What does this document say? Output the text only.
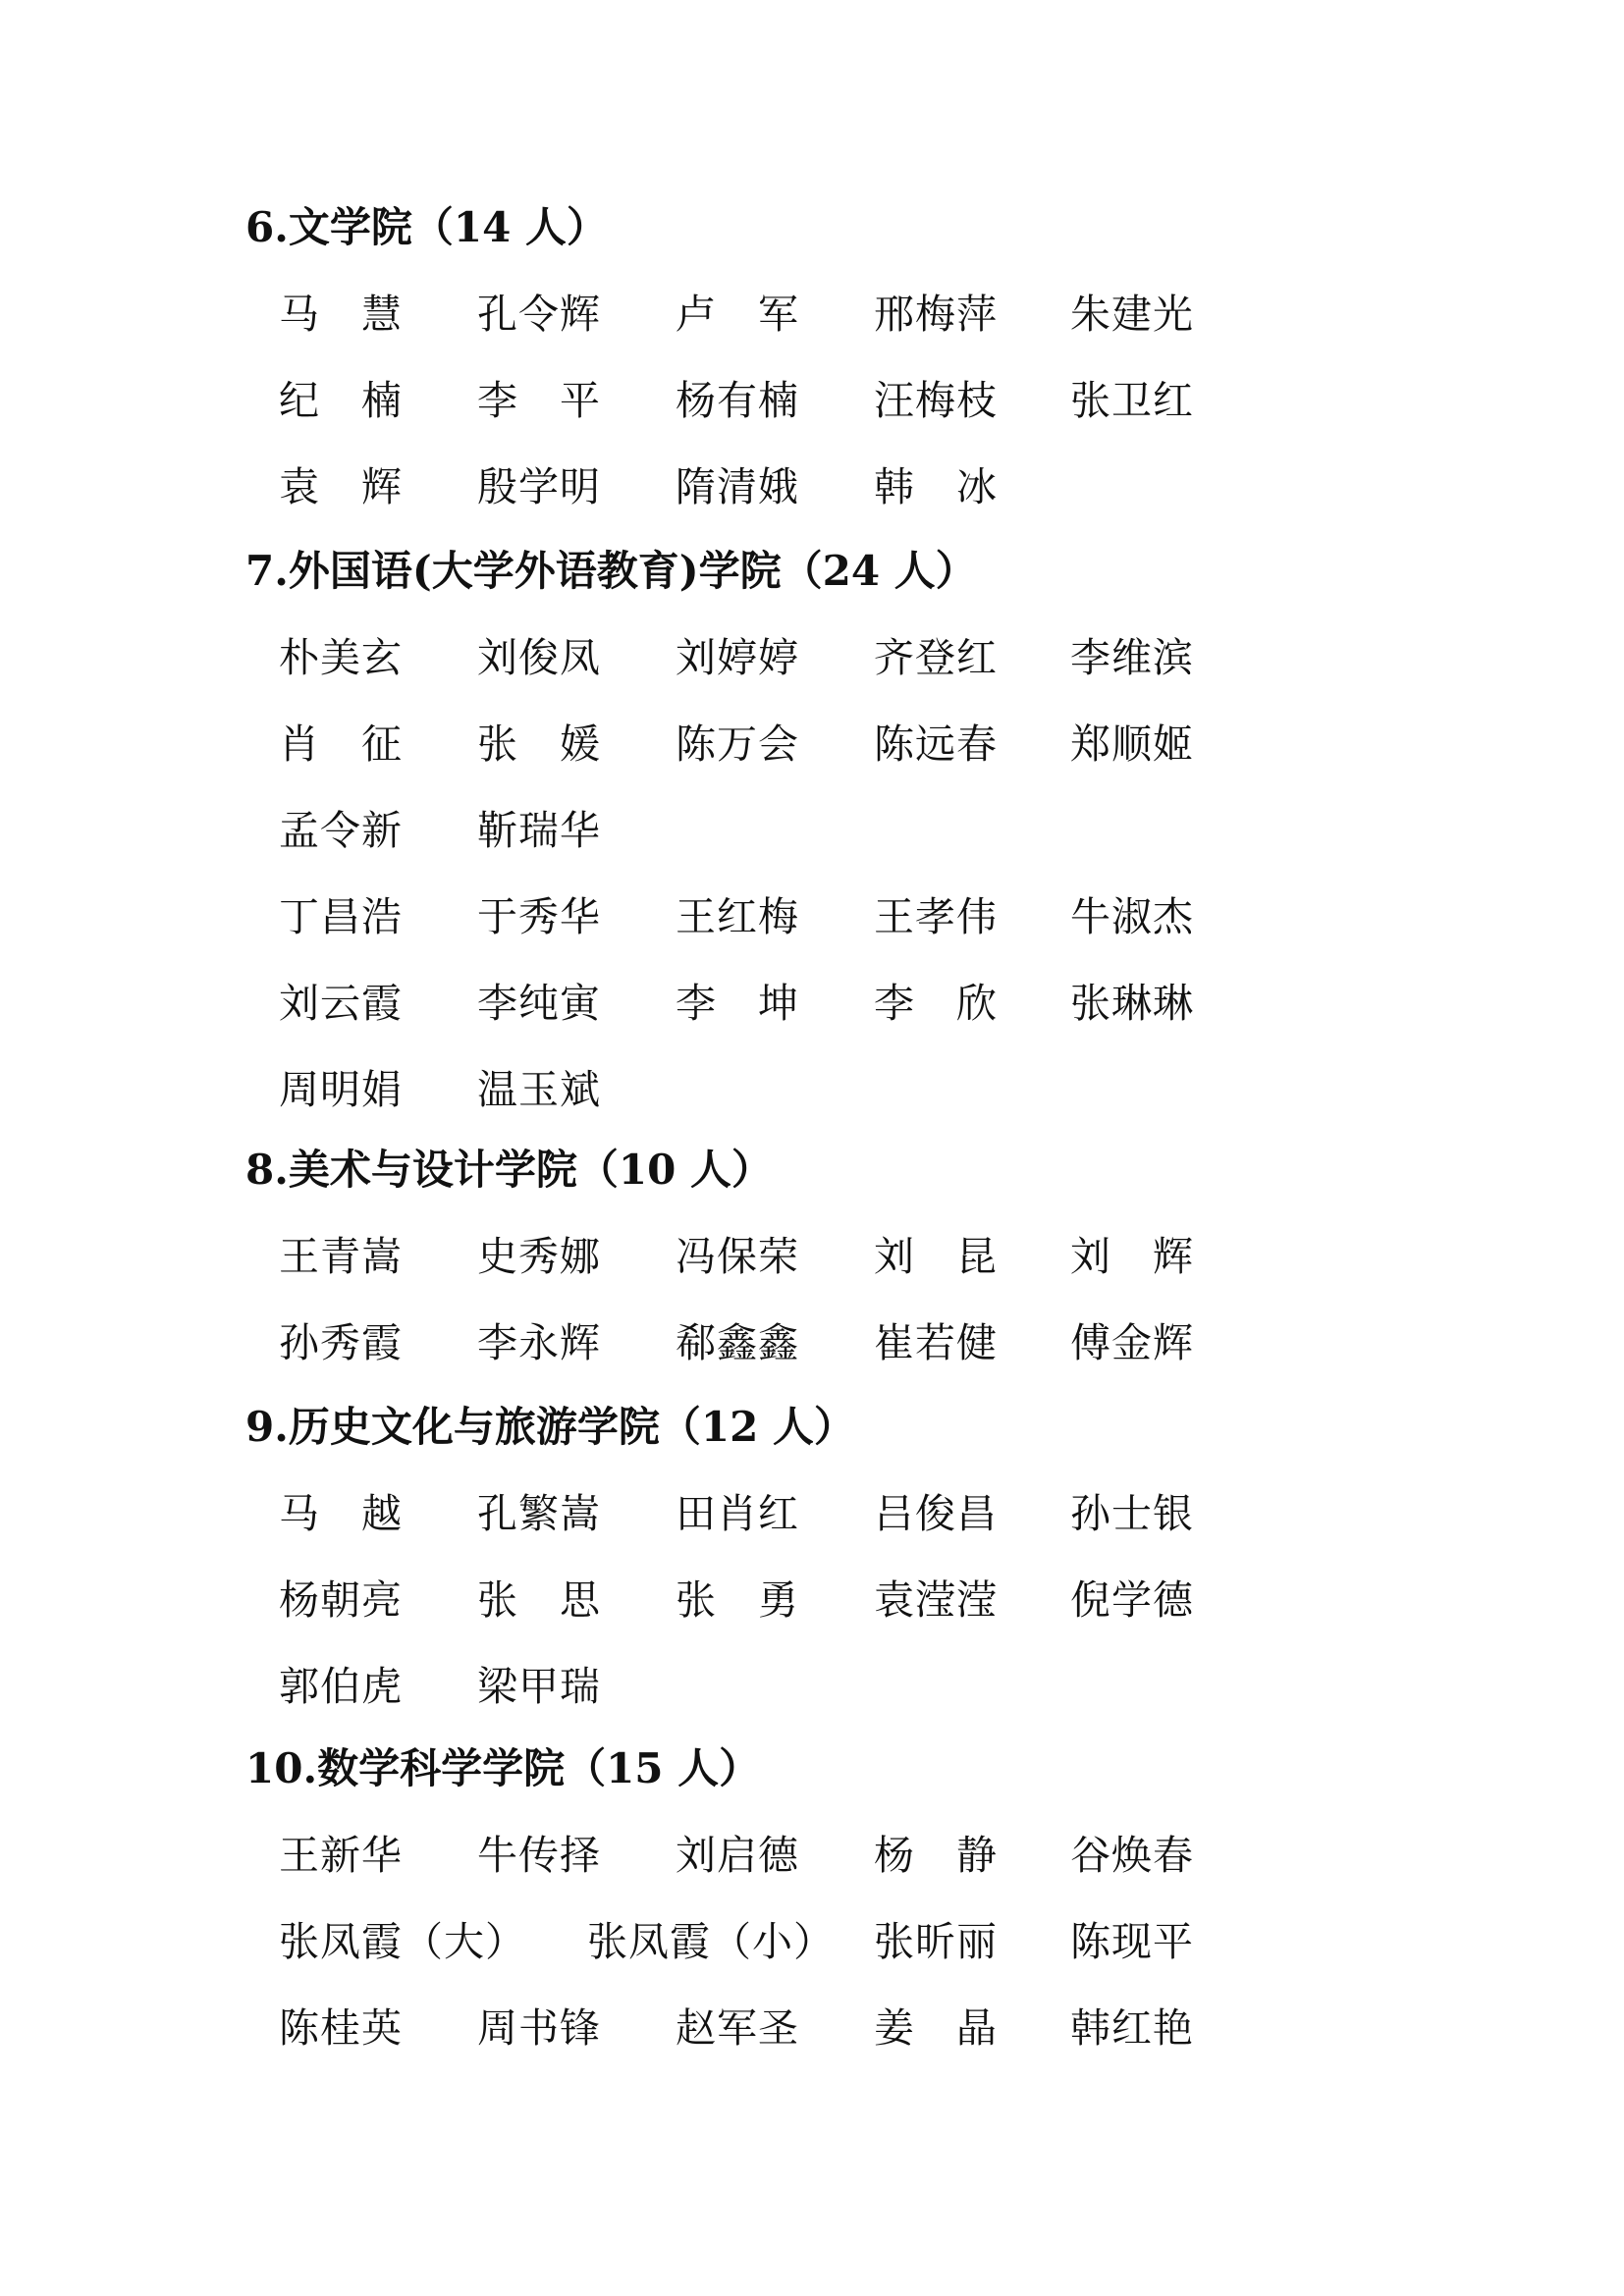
6.文学院（14 人）
马　慧 孔令辉 卢　军 邢梅萍 朱建光
纪　楠 李　平 杨有楠 汪梅枝 张卫红
袁　辉 殷学明 隋清娥 韩　冰
7.外国语(大学外语教育)学院（24 人）
朴美玄 刘俊凤 刘婷婷 齐登红 李维滨
肖　征 张　媛 陈万会 陈远春 郑顺姬
孟令新 靳瑞华
丁昌浩 于秀华 王红梅 王孝伟 牛淑杰
刘云霞 李纯寅 李　坤 李　欣 张琳琳
周明娟 温玉斌
8.美术与设计学院（10 人）
王青嵩 史秀娜 冯保荣 刘　昆 刘　辉
孙秀霞 李永辉 郗鑫鑫 崔若健 傅金辉
9.历史文化与旅游学院（12 人）
马　越 孔繁嵩 田肖红 吕俊昌 孙士银
杨朝亮 张　思 张　勇 袁滢滢 倪学德
郭伯虎 梁甲瑞
10.数学科学学院（15 人）
王新华 牛传择 刘启德 杨　静 谷焕春
张凤霞（大） 张凤霞（小） 张昕丽 陈现平
陈桂英 周书锋 赵军圣 姜　晶 韩红艳
